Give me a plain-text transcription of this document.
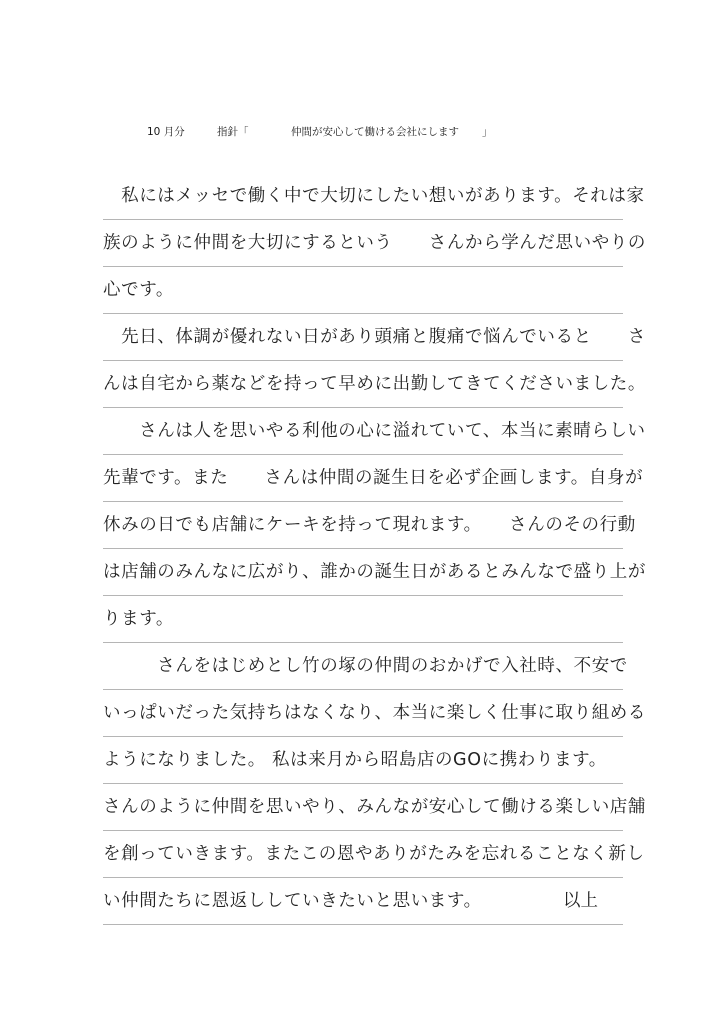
10 月分	指針「	仲間が安心して働ける会社にします 」
　私にはメッセで働く中で大切にしたい想いがあります。それは家
族のように仲間を大切にするという　　さんから学んだ思いやりの
心です。
　先日、体調が優れない日があり頭痛と腹痛で悩んでいると　　さ
んは自宅から薬などを持って早めに出勤してきてくださいました。
　　さんは人を思いやる利他の心に溢れていて、本当に素晴らしい
先輩です。また　　さんは仲間の誕生日を必ず企画します。自身が
休みの日でも店舗にケーキを持って現れます。　　さんのその行動
は店舗のみんなに広がり、誰かの誕生日があるとみんなで盛り上が
ります。
　　　さんをはじめとし竹の塚の仲間のおかげで入社時、不安で
いっぱいだった気持ちはなくなり、本当に楽しく仕事に取り組める
ようになりました。 私は来月から昭島店のGOに携わります。
さんのように仲間を思いやり、みんなが安心して働ける楽しい店舗
を創っていきます。またこの恩やありがたみを忘れることなく新し
い仲間たちに恩返ししていきたいと思います。	以上
